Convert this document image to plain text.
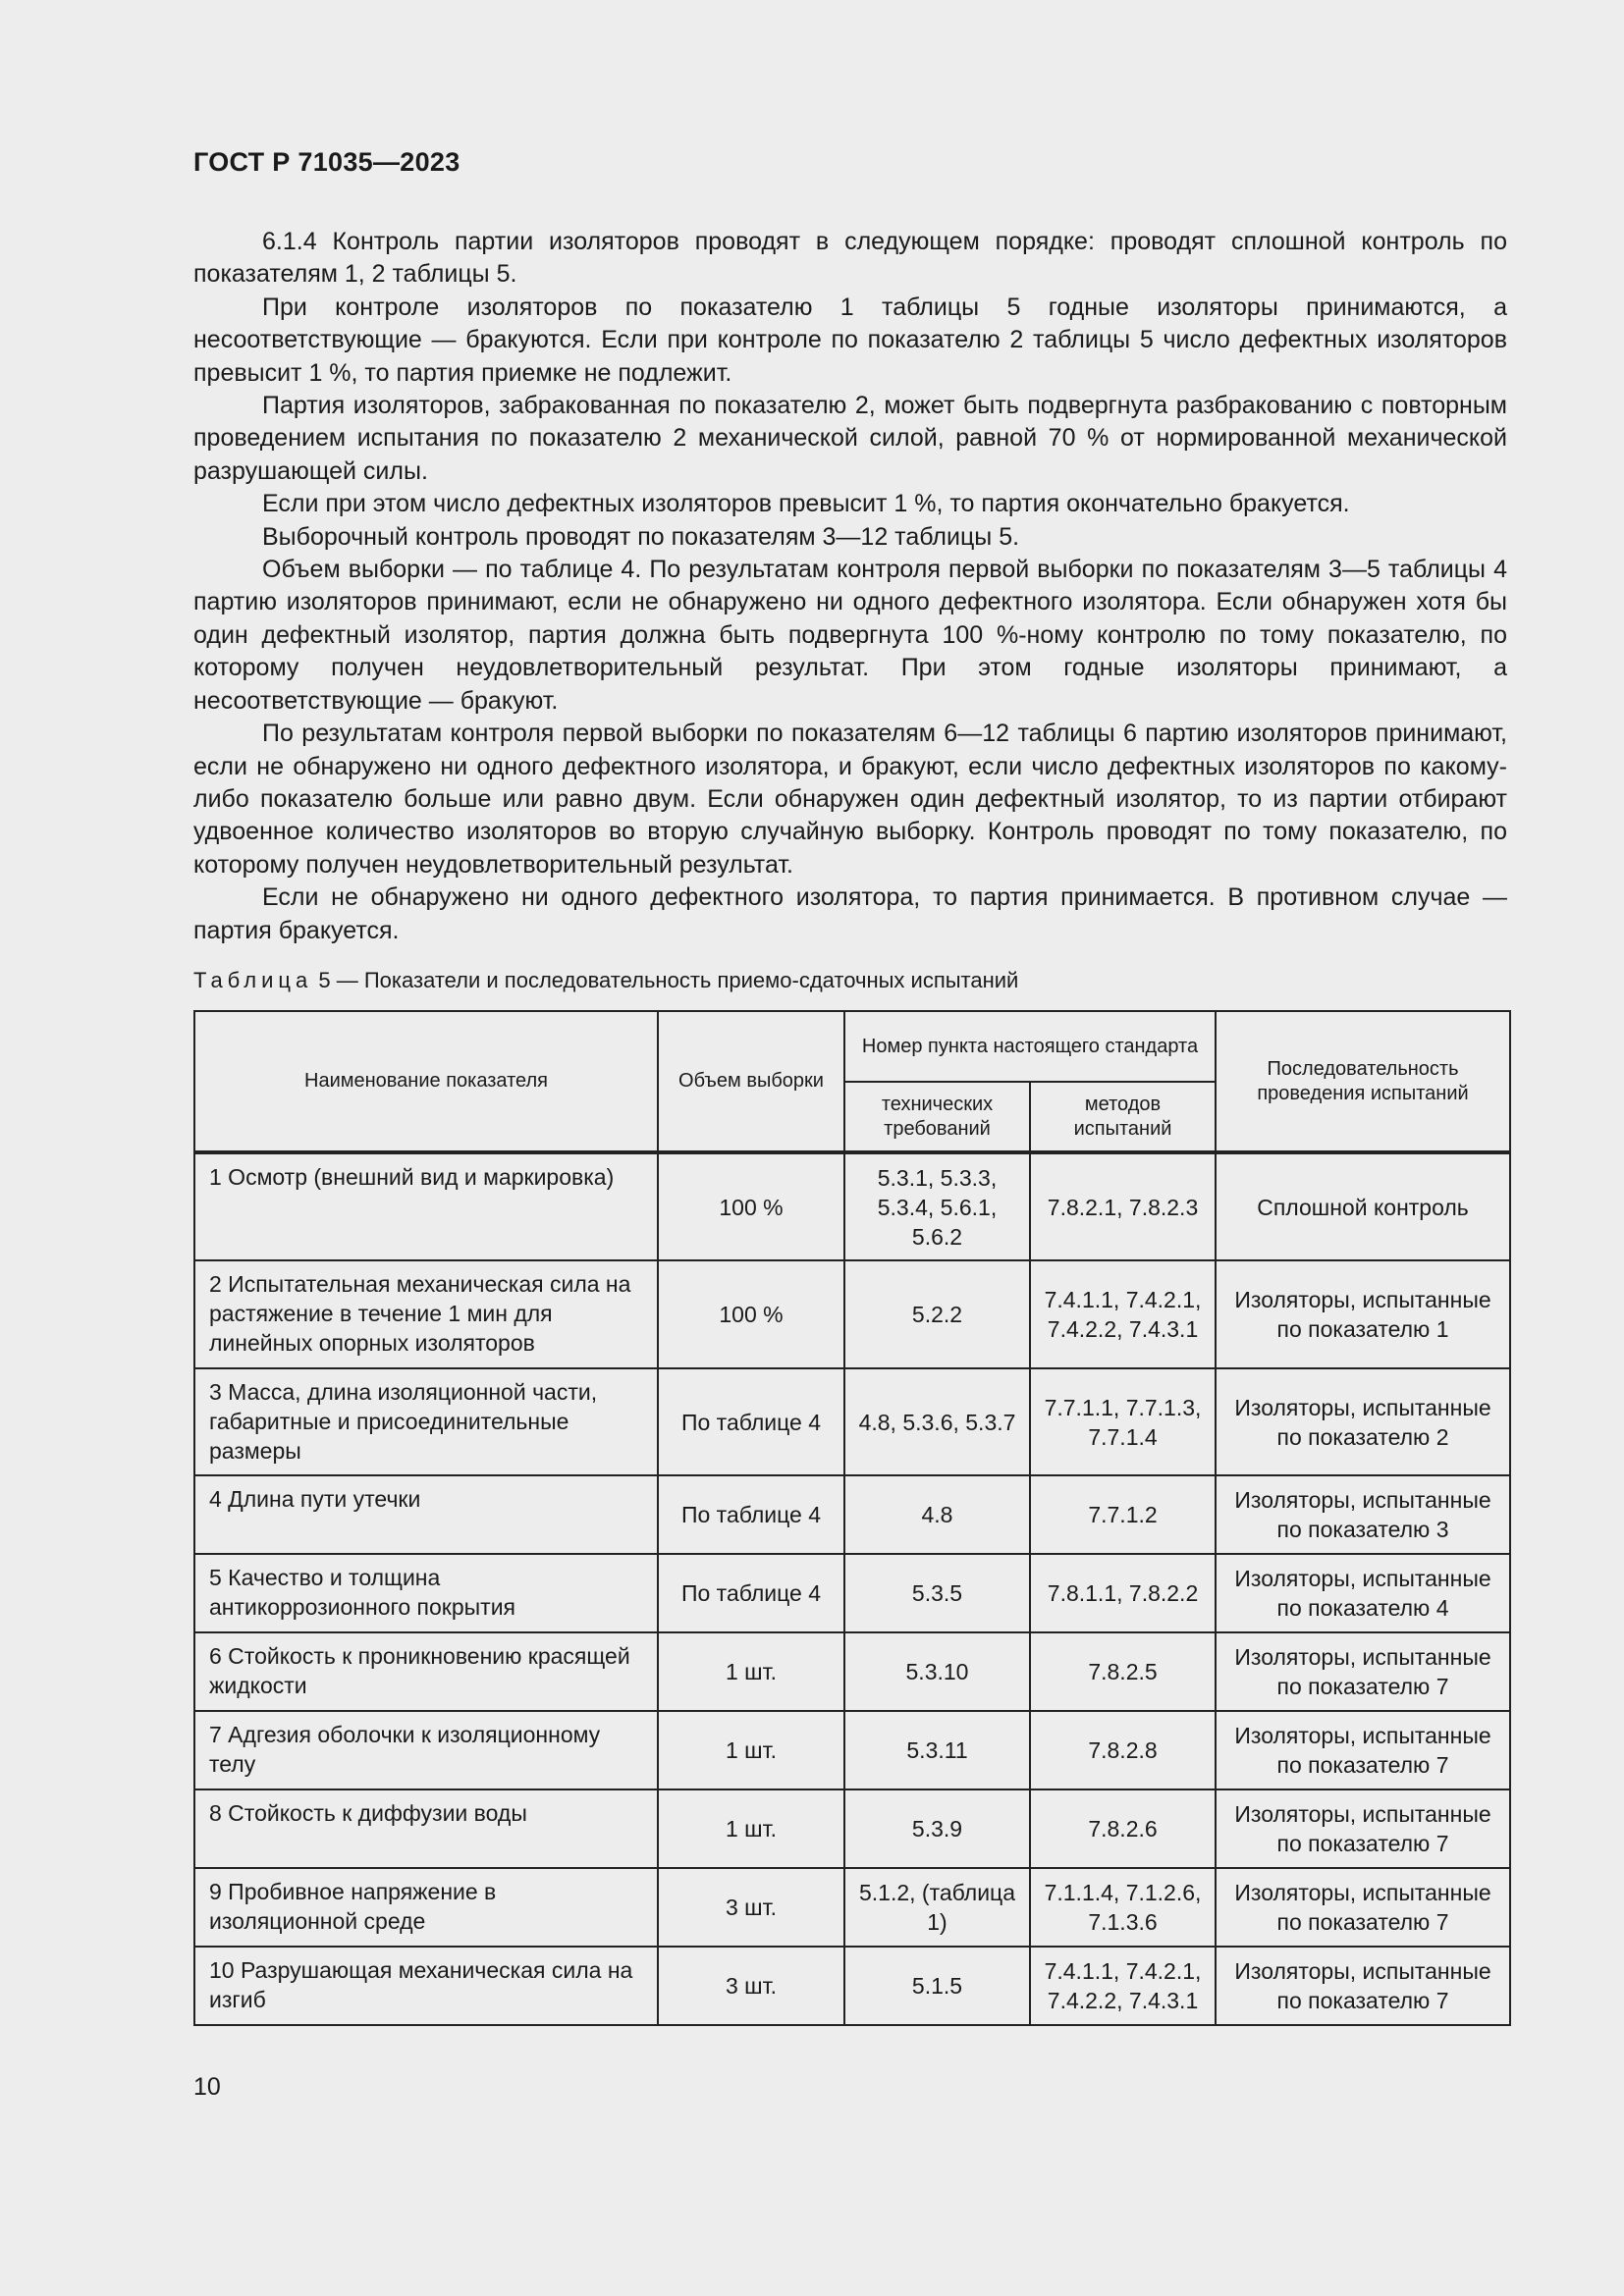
ГОСТ Р 71035—2023

6.1.4 Контроль партии изоляторов проводят в следующем порядке: проводят сплошной контроль по показателям 1, 2 таблицы 5.

При контроле изоляторов по показателю 1 таблицы 5 годные изоляторы принимаются, а несоответствующие — бракуются. Если при контроле по показателю 2 таблицы 5 число дефектных изоляторов превысит 1 %, то партия приемке не подлежит.

Партия изоляторов, забракованная по показателю 2, может быть подвергнута разбракованию с повторным проведением испытания по показателю 2 механической силой, равной 70 % от нормированной механической разрушающей силы.

Если при этом число дефектных изоляторов превысит 1 %, то партия окончательно бракуется.

Выборочный контроль проводят по показателям 3—12 таблицы 5.

Объем выборки — по таблице 4. По результатам контроля первой выборки по показателям 3—5 таблицы 4 партию изоляторов принимают, если не обнаружено ни одного дефектного изолятора. Если обнаружен хотя бы один дефектный изолятор, партия должна быть подвергнута 100 %-ному контролю по тому показателю, по которому получен неудовлетворительный результат. При этом годные изоляторы принимают, а несоответствующие — бракуют.

По результатам контроля первой выборки по показателям 6—12 таблицы 6 партию изоляторов принимают, если не обнаружено ни одного дефектного изолятора, и бракуют, если число дефектных изоляторов по какому-либо показателю больше или равно двум. Если обнаружен один дефектный изолятор, то из партии отбирают удвоенное количество изоляторов во вторую случайную выборку. Контроль проводят по тому показателю, по которому получен неудовлетворительный результат.

Если не обнаружено ни одного дефектного изолятора, то партия принимается. В противном случае — партия бракуется.

Таблица 5 — Показатели и последовательность приемо-сдаточных испытаний
Наименование показателя	Объем выборки	Номер пункта настоящего стандарта		Последовательность проведения испытаний
		технических требований	методов испытаний	
1 Осмотр (внешний вид и маркировка)	100 %	5.3.1, 5.3.3, 5.3.4, 5.6.1, 5.6.2	7.8.2.1, 7.8.2.3	Сплошной контроль
2 Испытательная механическая сила на растяжение в течение 1 мин для линейных опорных изоляторов	100 %	5.2.2	7.4.1.1, 7.4.2.1, 7.4.2.2, 7.4.3.1	Изоляторы, испытанные по показателю 1
3 Масса, длина изоляционной части, габаритные и присоединительные размеры	По таблице 4	4.8, 5.3.6, 5.3.7	7.7.1.1, 7.7.1.3, 7.7.1.4	Изоляторы, испытанные по показателю 2
4 Длина пути утечки	По таблице 4	4.8	7.7.1.2	Изоляторы, испытанные по показателю 3
5 Качество и толщина антикоррозионного покрытия	По таблице 4	5.3.5	7.8.1.1, 7.8.2.2	Изоляторы, испытанные по показателю 4
6 Стойкость к проникновению красящей жидкости	1 шт.	5.3.10	7.8.2.5	Изоляторы, испытанные по показателю 7
7 Адгезия оболочки к изоляционному телу	1 шт.	5.3.11	7.8.2.8	Изоляторы, испытанные по показателю 7
8 Стойкость к диффузии воды	1 шт.	5.3.9	7.8.2.6	Изоляторы, испытанные по показателю 7
9 Пробивное напряжение в изоляционной среде	3 шт.	5.1.2, (таблица 1)	7.1.1.4, 7.1.2.6, 7.1.3.6	Изоляторы, испытанные по показателю 7
10 Разрушающая механическая сила на изгиб	3 шт.	5.1.5	7.4.1.1, 7.4.2.1, 7.4.2.2, 7.4.3.1	Изоляторы, испытанные по показателю 7
10
